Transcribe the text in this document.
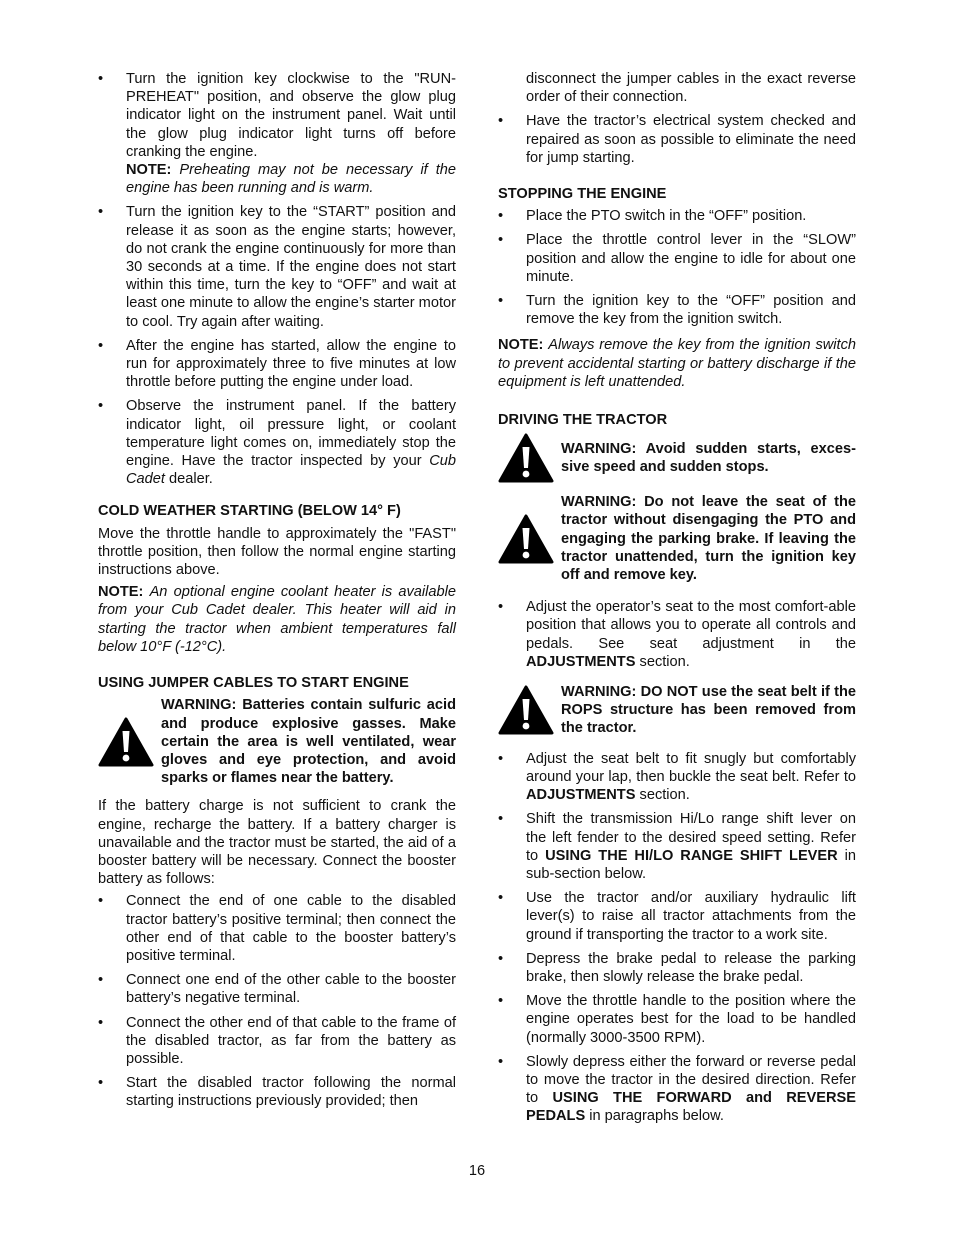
• Turn the ignition key clockwise to the "RUN-PREHEAT" position, and observe the glow plug indicator light on the instrument panel. Wait until the glow plug indicator light turns off before cranking the engine.
NOTE: Preheating may not be necessary if the engine has been running and is warm.
• Turn the ignition key to the “START” position and release it as soon as the engine starts; however, do not crank the engine continuously for more than 30 seconds at a time. If the engine does not start within this time, turn the key to “OFF” and wait at least one minute to allow the engine’s starter motor to cool. Try again after waiting.
• After the engine has started, allow the engine to run for approximately three to five minutes at low throttle before putting the engine under load.
• Observe the instrument panel. If the battery indicator light, oil pressure light, or coolant temperature light comes on, immediately stop the engine. Have the tractor inspected by your Cub Cadet dealer.
COLD WEATHER STARTING (BELOW 14° F)

Move the throttle handle to approximately the "FAST" throttle position, then follow the normal engine starting instructions above.

NOTE: An optional engine coolant heater is available from your Cub Cadet dealer. This heater will aid in starting the tractor when ambient temperatures fall below 10°F (-12°C).

USING JUMPER CABLES TO START ENGINE
WARNING: Batteries contain sulfuric acid and produce explosive gasses. Make certain the area is well ventilated, wear gloves and eye protection, and avoid sparks or flames near the battery.

If the battery charge is not sufficient to crank the engine, recharge the battery. If a battery charger is unavailable and the tractor must be started, the aid of a booster battery will be necessary. Connect the booster battery as follows:

• Connect the end of one cable to the disabled tractor battery’s positive terminal; then connect the other end of that cable to the booster battery’s positive terminal.
• Connect one end of the other cable to the booster battery’s negative terminal.
• Connect the other end of that cable to the frame of the disabled tractor, as far from the battery as possible.
• Start the disabled tractor following the normal starting instructions previously provided; then

disconnect the jumper cables in the exact reverse order of their connection.

• Have the tractor’s electrical system checked and repaired as soon as possible to eliminate the need for jump starting.
STOPPING THE ENGINE
• Place the PTO switch in the “OFF” position.
• Place the throttle control lever in the “SLOW” position and allow the engine to idle for about one minute.
• Turn the ignition key to the “OFF” position and remove the key from the ignition switch.

NOTE: Always remove the key from the ignition switch to prevent accidental starting or battery discharge if the equipment is left unattended.

DRIVING THE TRACTOR
WARNING: Avoid sudden starts, exces-sive speed and sudden stops.
WARNING: Do not leave the seat of the tractor without disengaging the PTO and engaging the parking brake. If leaving the tractor unattended, turn the ignition key off and remove key.
• Adjust the operator’s seat to the most comfort-able position that allows you to operate all controls and pedals. See seat adjustment in the ADJUSTMENTS section.
WARNING: DO NOT use the seat belt if the ROPS structure has been removed from the tractor.
• Adjust the seat belt to fit snugly but comfortably around your lap, then buckle the seat belt. Refer to ADJUSTMENTS section.
• Shift the transmission Hi/Lo range shift lever on the left fender to the desired speed setting. Refer to USING THE HI/LO RANGE SHIFT LEVER in sub-section below.
• Use the tractor and/or auxiliary hydraulic lift lever(s) to raise all tractor attachments from the ground if transporting the tractor to a work site.
• Depress the brake pedal to release the parking brake, then slowly release the brake pedal.
• Move the throttle handle to the position where the engine operates best for the load to be handled (normally 3000-3500 RPM).
• Slowly depress either the forward or reverse pedal to move the tractor in the desired direction. Refer to USING THE FORWARD and REVERSE PEDALS in paragraphs below.
16
